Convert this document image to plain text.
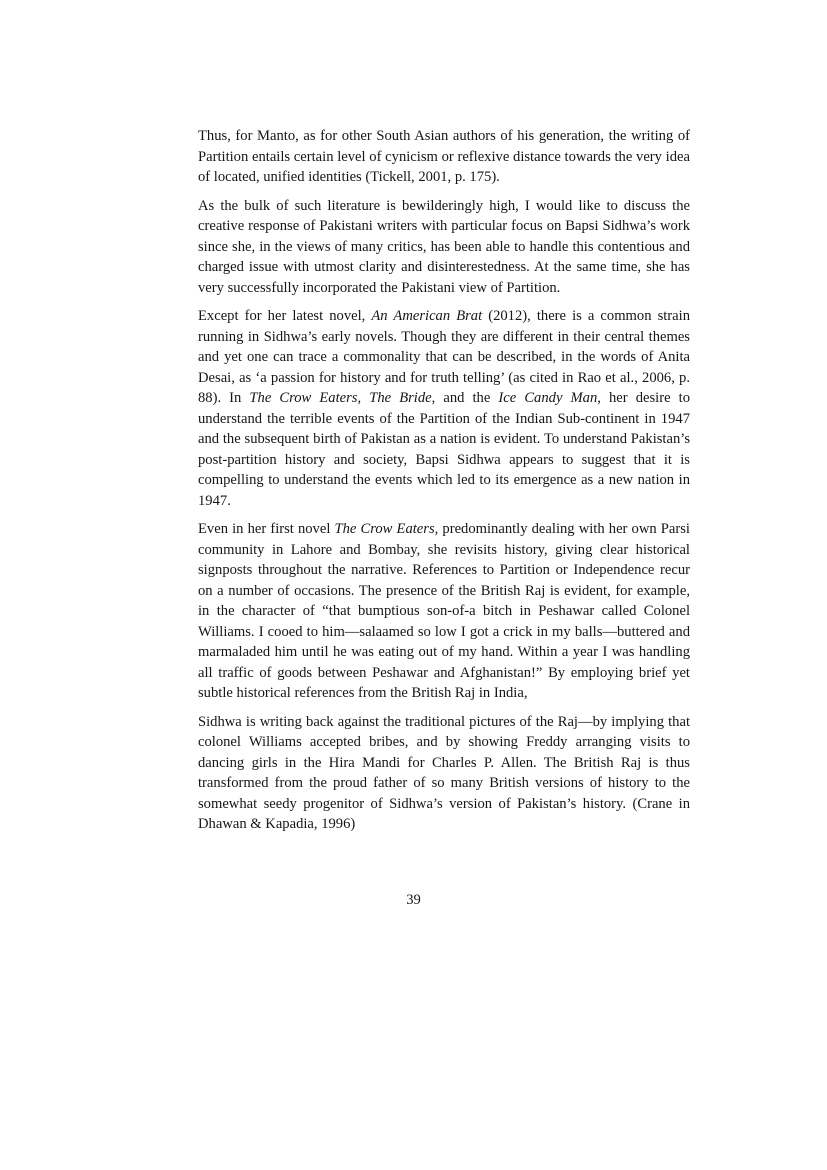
Thus, for Manto, as for other South Asian authors of his generation, the writing of Partition entails certain level of cynicism or reflexive distance towards the very idea of located, unified identities (Tickell, 2001, p. 175).

As the bulk of such literature is bewilderingly high, I would like to discuss the creative response of Pakistani writers with particular focus on Bapsi Sidhwa’s work since she, in the views of many critics, has been able to handle this contentious and charged issue with utmost clarity and disinterestedness. At the same time, she has very successfully incorporated the Pakistani view of Partition.

Except for her latest novel, An American Brat (2012), there is a common strain running in Sidhwa’s early novels. Though they are different in their central themes and yet one can trace a commonality that can be described, in the words of Anita Desai, as ‘a passion for history and for truth telling’ (as cited in Rao et al., 2006, p. 88). In The Crow Eaters, The Bride, and the Ice Candy Man, her desire to understand the terrible events of the Partition of the Indian Sub-continent in 1947 and the subsequent birth of Pakistan as a nation is evident. To understand Pakistan’s post-partition history and society, Bapsi Sidhwa appears to suggest that it is compelling to understand the events which led to its emergence as a new nation in 1947.

Even in her first novel The Crow Eaters, predominantly dealing with her own Parsi community in Lahore and Bombay, she revisits history, giving clear historical signposts throughout the narrative. References to Partition or Independence recur on a number of occasions. The presence of the British Raj is evident, for example, in the character of “that bumptious son-of-a bitch in Peshawar called Colonel Williams. I cooed to him—salaamed so low I got a crick in my balls—buttered and marmaladed him until he was eating out of my hand. Within a year I was handling all traffic of goods between Peshawar and Afghanistan!” By employing brief yet subtle historical references from the British Raj in India,

Sidhwa is writing back against the traditional pictures of the Raj—by implying that colonel Williams accepted bribes, and by showing Freddy arranging visits to dancing girls in the Hira Mandi for Charles P. Allen. The British Raj is thus transformed from the proud father of so many British versions of history to the somewhat seedy progenitor of Sidhwa’s version of Pakistan’s history. (Crane in Dhawan & Kapadia, 1996)

39
